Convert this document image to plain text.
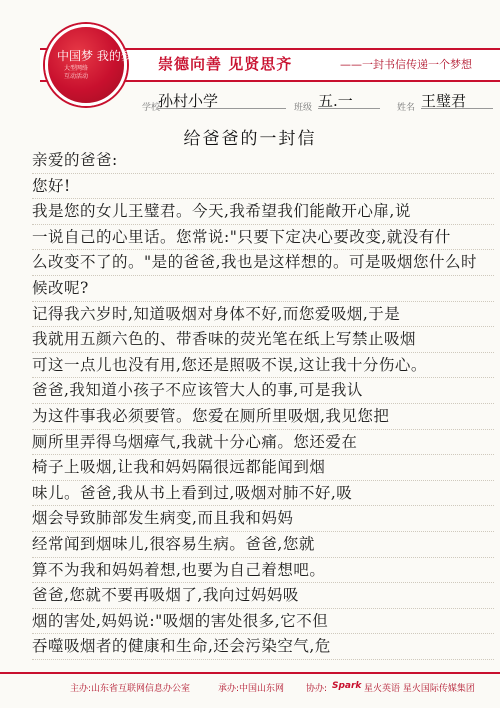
崇德向善 见贤思齐	——一封书信传递一个梦想
中国梦 我的梦
大型网络
互动活动
学校
孙村小学	班级 五.一	姓名 王璧君
给爸爸的一封信
亲爱的爸爸:
您好!
我是您的女儿王璧君。今天,我希望我们能敞开心扉,说
一说自己的心里话。您常说:"只要下定决心要改变,就没有什
么改变不了的。"是的爸爸,我也是这样想的。可是吸烟您什么时
候改呢?
记得我六岁时,知道吸烟对身体不好,而您爱吸烟,于是
我就用五颜六色的、带香味的荧光笔在纸上写禁止吸烟
可这一点儿也没有用,您还是照吸不误,这让我十分伤心。
爸爸,我知道小孩子不应该管大人的事,可是我认
为这件事我必须要管。您爱在厕所里吸烟,我见您把
厕所里弄得乌烟瘴气,我就十分心痛。您还爱在
椅子上吸烟,让我和妈妈隔很远都能闻到烟
味儿。爸爸,我从书上看到过,吸烟对肺不好,吸
烟会导致肺部发生病变,而且我和妈妈
经常闻到烟味儿,很容易生病。爸爸,您就
算不为我和妈妈着想,也要为自己着想吧。
爸爸,您就不要再吸烟了,我向过妈妈吸
烟的害处,妈妈说:"吸烟的害处很多,它不但
吞噬吸烟者的健康和生命,还会污染空气,危
主办:山东省互联网信息办公室	承办:中国山东网 协办: Spark 星火英语 星火国际传媒集团
